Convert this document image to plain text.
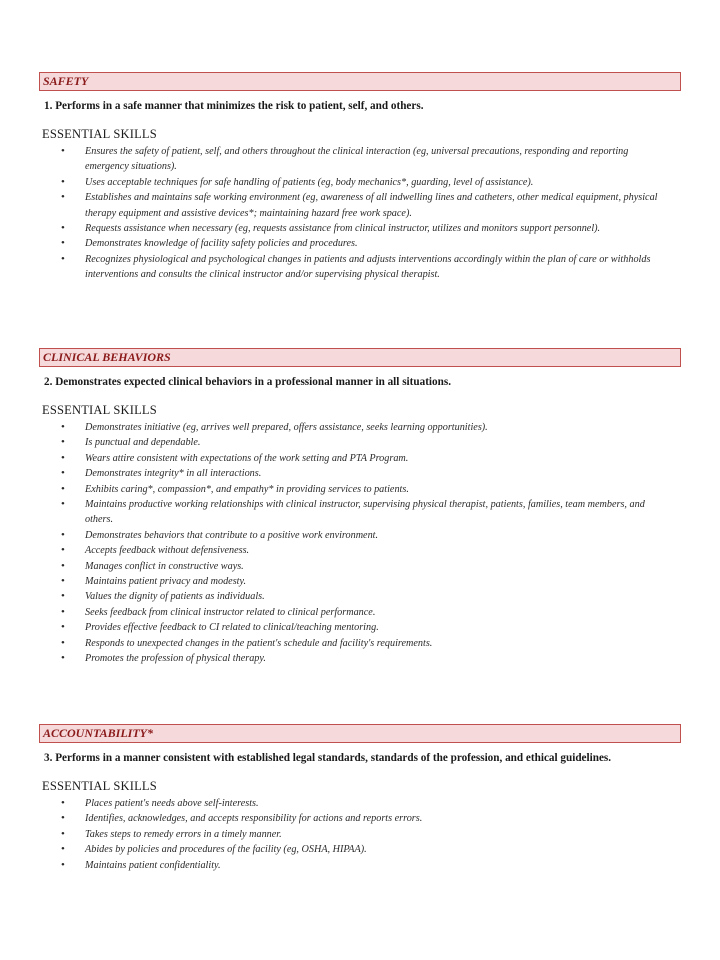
SAFETY
1. Performs in a safe manner that minimizes the risk to patient, self, and others.
ESSENTIAL SKILLS
• Ensures the safety of patient, self, and others throughout the clinical interaction (eg, universal precautions, responding and reporting emergency situations).
• Uses acceptable techniques for safe handling of patients (eg, body mechanics*, guarding, level of assistance).
• Establishes and maintains safe working environment (eg, awareness of all indwelling lines and catheters, other medical equipment, physical therapy equipment and assistive devices*; maintaining hazard free work space).
• Requests assistance when necessary (eg, requests assistance from clinical instructor, utilizes and monitors support personnel).
• Demonstrates knowledge of facility safety policies and procedures.
• Recognizes physiological and psychological changes in patients and adjusts interventions accordingly within the plan of care or withholds interventions and consults the clinical instructor and/or supervising physical therapist.
CLINICAL BEHAVIORS
2. Demonstrates expected clinical behaviors in a professional manner in all situations.
ESSENTIAL SKILLS
• Demonstrates initiative (eg, arrives well prepared, offers assistance, seeks learning opportunities).
• Is punctual and dependable.
• Wears attire consistent with expectations of the work setting and PTA Program.
• Demonstrates integrity* in all interactions.
• Exhibits caring*, compassion*, and empathy* in providing services to patients.
• Maintains productive working relationships with clinical instructor, supervising physical therapist, patients, families, team members, and others.
• Demonstrates behaviors that contribute to a positive work environment.
• Accepts feedback without defensiveness.
• Manages conflict in constructive ways.
• Maintains patient privacy and modesty.
• Values the dignity of patients as individuals.
• Seeks feedback from clinical instructor related to clinical performance.
• Provides effective feedback to CI related to clinical/teaching mentoring.
• Responds to unexpected changes in the patient's schedule and facility's requirements.
• Promotes the profession of physical therapy.
ACCOUNTABILITY*
3. Performs in a manner consistent with established legal standards, standards of the profession, and ethical guidelines.
ESSENTIAL SKILLS
• Places patient's needs above self-interests.
• Identifies, acknowledges, and accepts responsibility for actions and reports errors.
• Takes steps to remedy errors in a timely manner.
• Abides by policies and procedures of the facility (eg, OSHA, HIPAA).
• Maintains patient confidentiality.
